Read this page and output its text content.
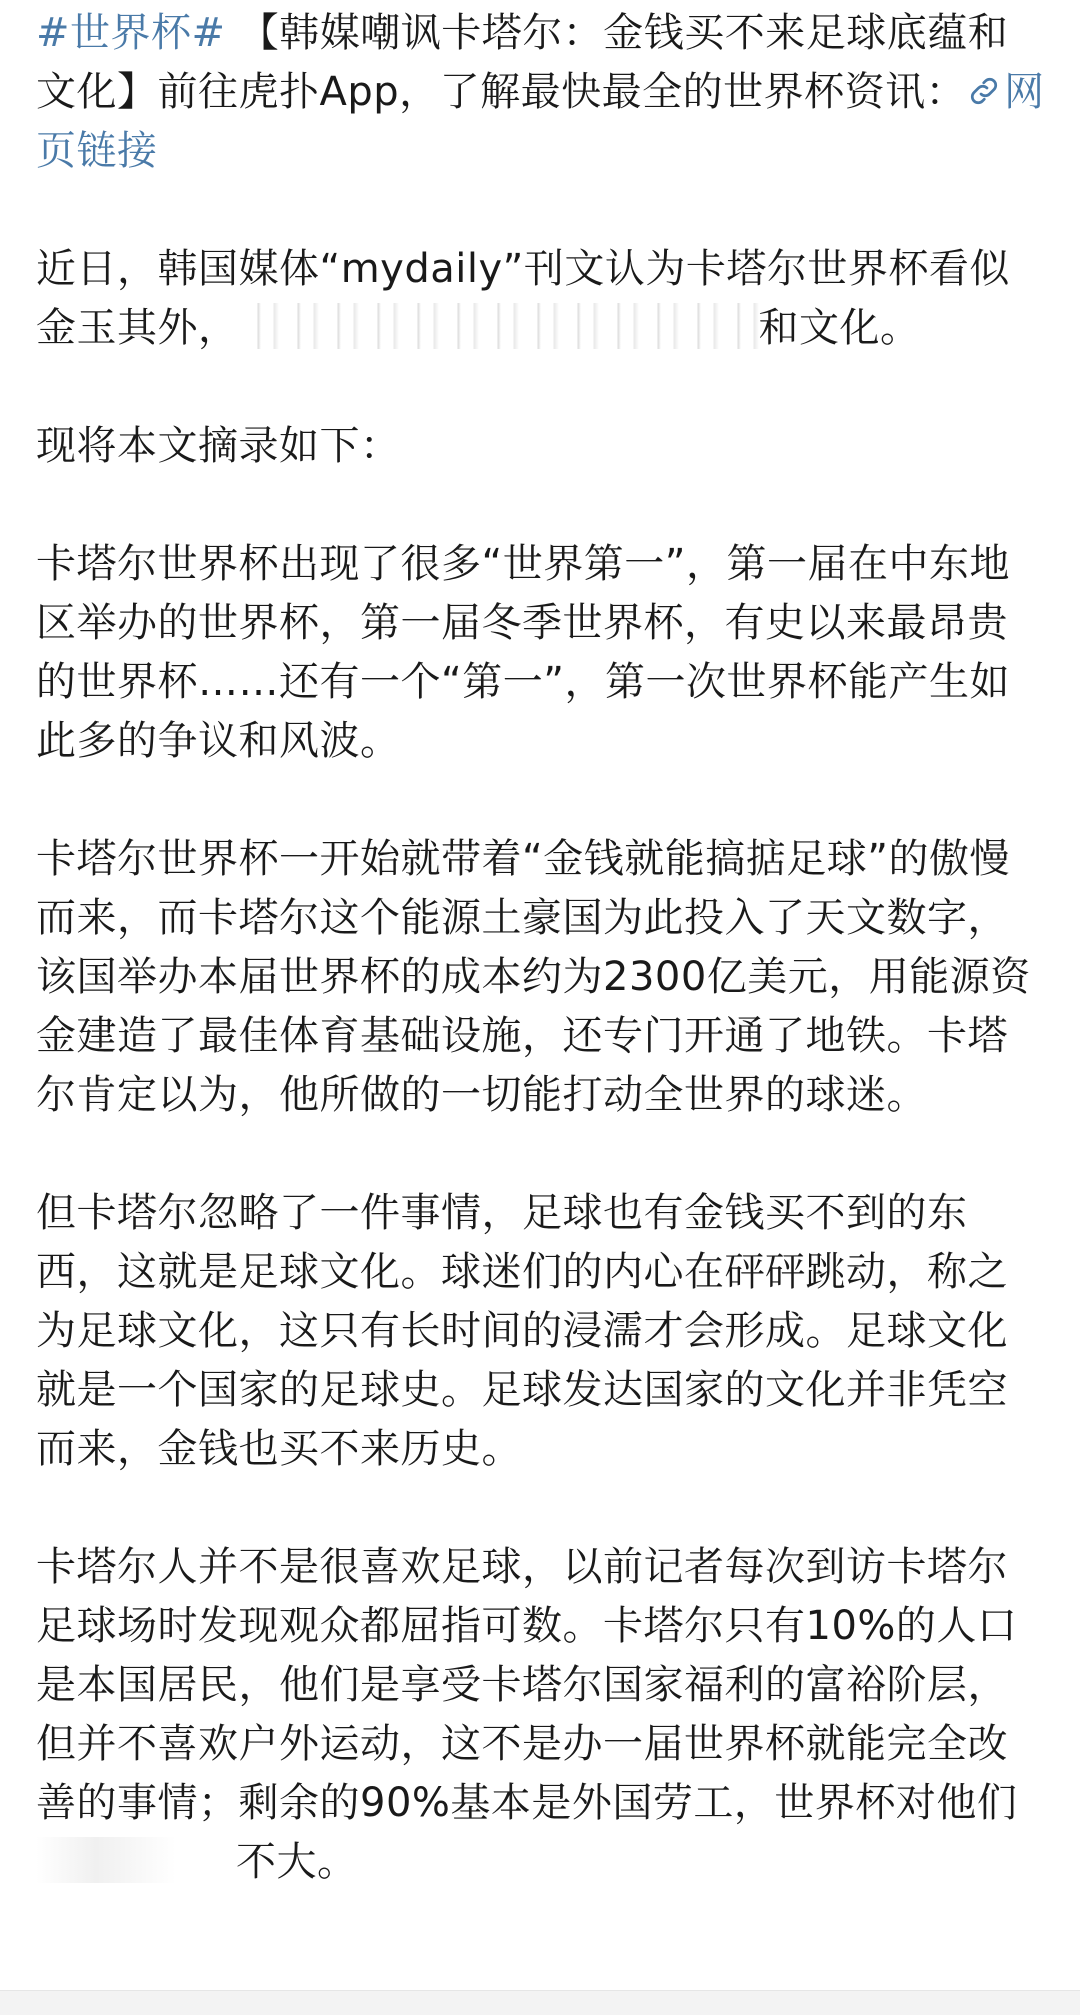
#世界杯# 【韩媒嘲讽卡塔尔：金钱买不来足球底蕴和文化】前往虎扑App，了解最快最全的世界杯资讯： 网页链接

近日，韩国媒体“mydaily”刊文认为卡塔尔世界杯看似金玉其外，	和文化。

现将本文摘录如下：

卡塔尔世界杯出现了很多“世界第一”，第一届在中东地区举办的世界杯，第一届冬季世界杯，有史以来最昂贵的世界杯……还有一个“第一”，第一次世界杯能产生如此多的争议和风波。

卡塔尔世界杯一开始就带着“金钱就能搞掂足球”的傲慢而来，而卡塔尔这个能源土豪国为此投入了天文数字，该国举办本届世界杯的成本约为2300亿美元，用能源资金建造了最佳体育基础设施，还专门开通了地铁。卡塔尔肯定以为，他所做的一切能打动全世界的球迷。

但卡塔尔忽略了一件事情，足球也有金钱买不到的东西，这就是足球文化。球迷们的内心在砰砰跳动，称之为足球文化，这只有长时间的浸濡才会形成。足球文化就是一个国家的足球史。足球发达国家的文化并非凭空而来，金钱也买不来历史。

卡塔尔人并不是很喜欢足球，以前记者每次到访卡塔尔足球场时发现观众都屈指可数。卡塔尔只有10%的人口是本国居民，他们是享受卡塔尔国家福利的富裕阶层，但并不喜欢户外运动，这不是办一届世界杯就能完全改善的事情；剩余的90%基本是外国劳工，世界杯对他们不大。
